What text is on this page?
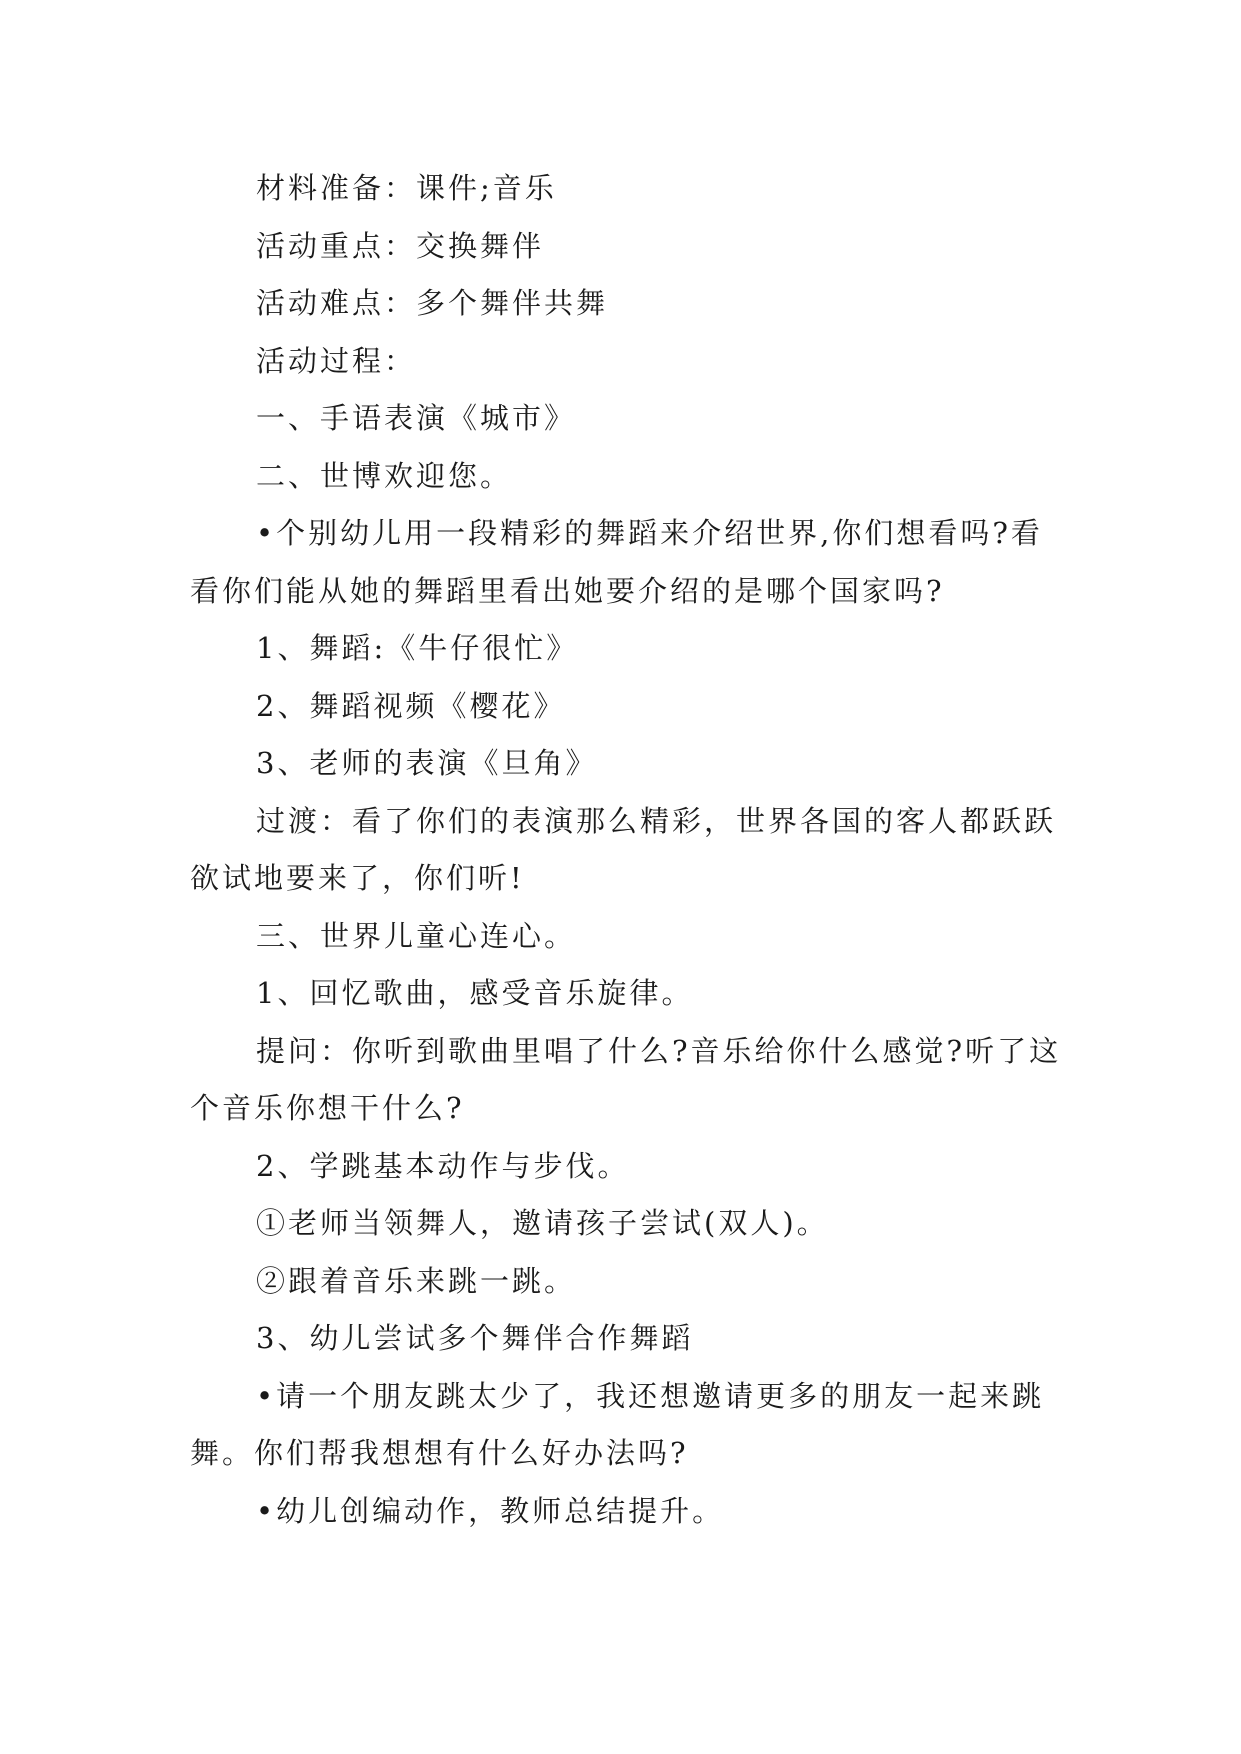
材料准备：课件;音乐

活动重点：交换舞伴

活动难点：多个舞伴共舞

活动过程：

一、手语表演《城市》

二、世博欢迎您。

•个别幼儿用一段精彩的舞蹈来介绍世界,你们想看吗?看看你们能从她的舞蹈里看出她要介绍的是哪个国家吗?

1、舞蹈:《牛仔很忙》

2、舞蹈视频《樱花》

3、老师的表演《旦角》

过渡：看了你们的表演那么精彩，世界各国的客人都跃跃欲试地要来了，你们听!

三、世界儿童心连心。

1、回忆歌曲，感受音乐旋律。

提问：你听到歌曲里唱了什么?音乐给你什么感觉?听了这个音乐你想干什么?

2、学跳基本动作与步伐。

①老师当领舞人，邀请孩子尝试(双人)。

②跟着音乐来跳一跳。

3、幼儿尝试多个舞伴合作舞蹈

•请一个朋友跳太少了，我还想邀请更多的朋友一起来跳舞。你们帮我想想有什么好办法吗?

•幼儿创编动作，教师总结提升。
